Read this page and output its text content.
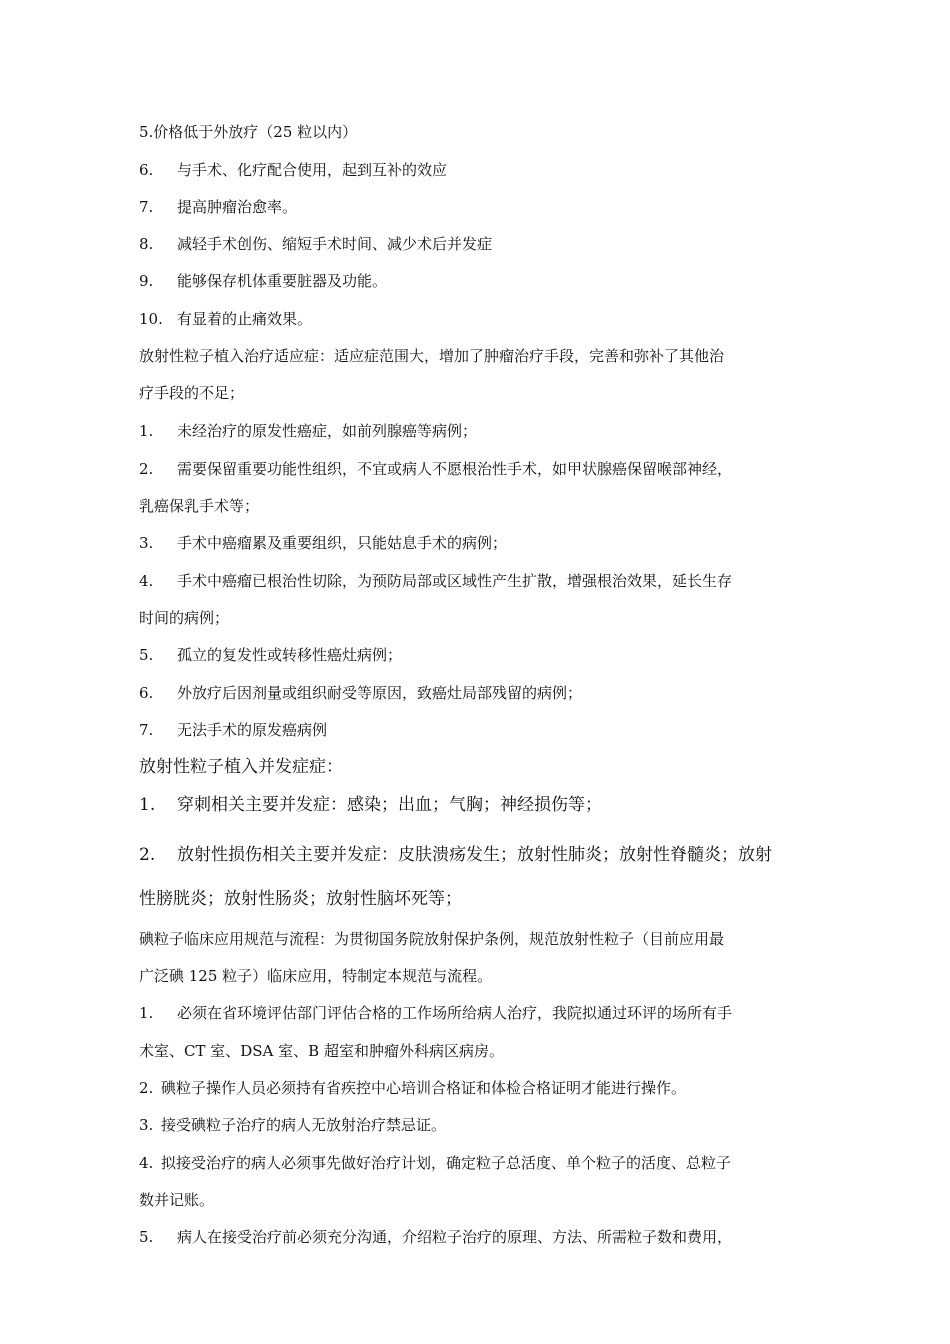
5.价格低于外放疗（25 粒以内）
6. 与手术、化疗配合使用，起到互补的效应
7. 提高肿瘤治愈率。
8. 减轻手术创伤、缩短手术时间、减少术后并发症
9. 能够保存机体重要脏器及功能。
10. 有显着的止痛效果。
放射性粒子植入治疗适应症：适应症范围大，增加了肿瘤治疗手段，完善和弥补了其他治
疗手段的不足；
1. 未经治疗的原发性癌症，如前列腺癌等病例；
2. 需要保留重要功能性组织，不宜或病人不愿根治性手术，如甲状腺癌保留喉部神经，
乳癌保乳手术等；
3. 手术中癌瘤累及重要组织，只能姑息手术的病例；
4. 手术中癌瘤已根治性切除，为预防局部或区域性产生扩散，增强根治效果，延长生存
时间的病例；
5. 孤立的复发性或转移性癌灶病例；
6. 外放疗后因剂量或组织耐受等原因，致癌灶局部残留的病例；
7. 无法手术的原发癌病例
放射性粒子植入并发症症：
1. 穿刺相关主要并发症：感染；出血；气胸；神经损伤等；
2. 放射性损伤相关主要并发症：皮肤溃疡发生；放射性肺炎；放射性脊髓炎；放射
性膀胱炎；放射性肠炎；放射性脑坏死等；
碘粒子临床应用规范与流程：为贯彻国务院放射保护条例，规范放射性粒子（目前应用最
广泛碘 125 粒子）临床应用，特制定本规范与流程。
1. 必须在省环境评估部门评估合格的工作场所给病人治疗，我院拟通过环评的场所有手
术室、CT 室、DSA 室、B 超室和肿瘤外科病区病房。
2. 碘粒子操作人员必须持有省疾控中心培训合格证和体检合格证明才能进行操作。
3. 接受碘粒子治疗的病人无放射治疗禁忌证。
4. 拟接受治疗的病人必须事先做好治疗计划，确定粒子总活度、单个粒子的活度、总粒子
数并记账。
5. 病人在接受治疗前必须充分沟通，介绍粒子治疗的原理、方法、所需粒子数和费用，
